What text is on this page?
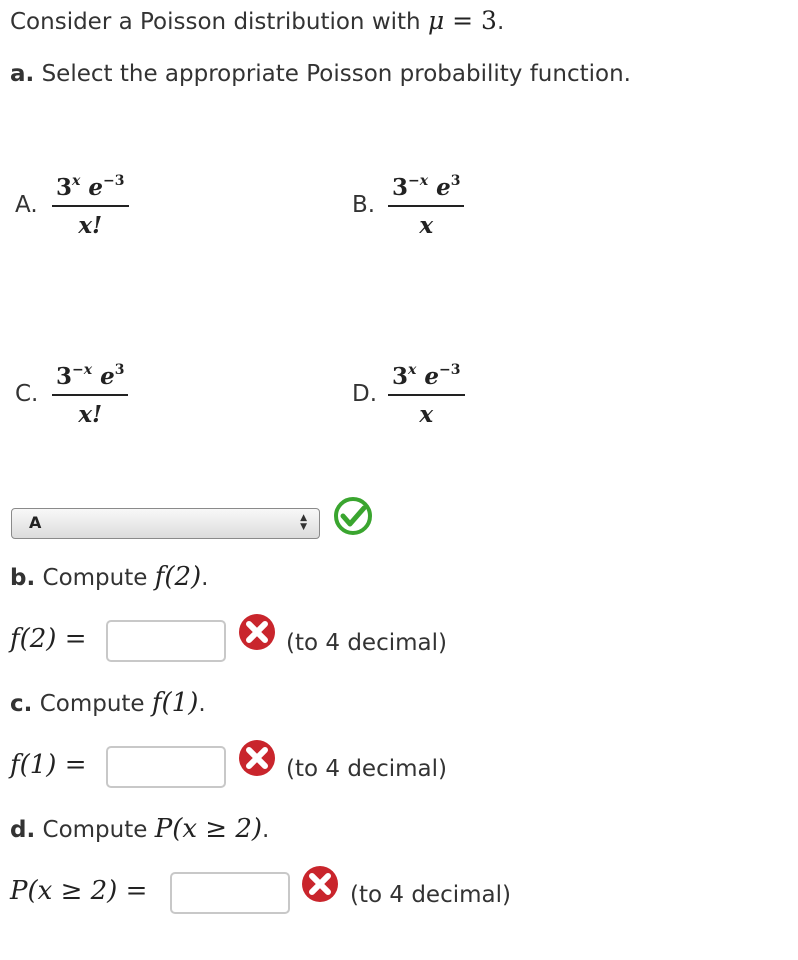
Consider a Poisson distribution with μ = 3.
a. Select the appropriate Poisson probability function.
A.
3$^x$ $e^{-3}$
x!
B.
$3^{-x}$ $e^3$
x
C.
$3^{-x}$ $e^3$
x!
D.
3$^x$ $e^{-3}$
x
A	▲
▼
b. Compute f(2).
f(2) =	(to 4 decimal)
c. Compute f(1).
f(1) =	(to 4 decimal)
d. Compute P(x ≥ 2).
P(x ≥ 2) =	(to 4 decimal)
